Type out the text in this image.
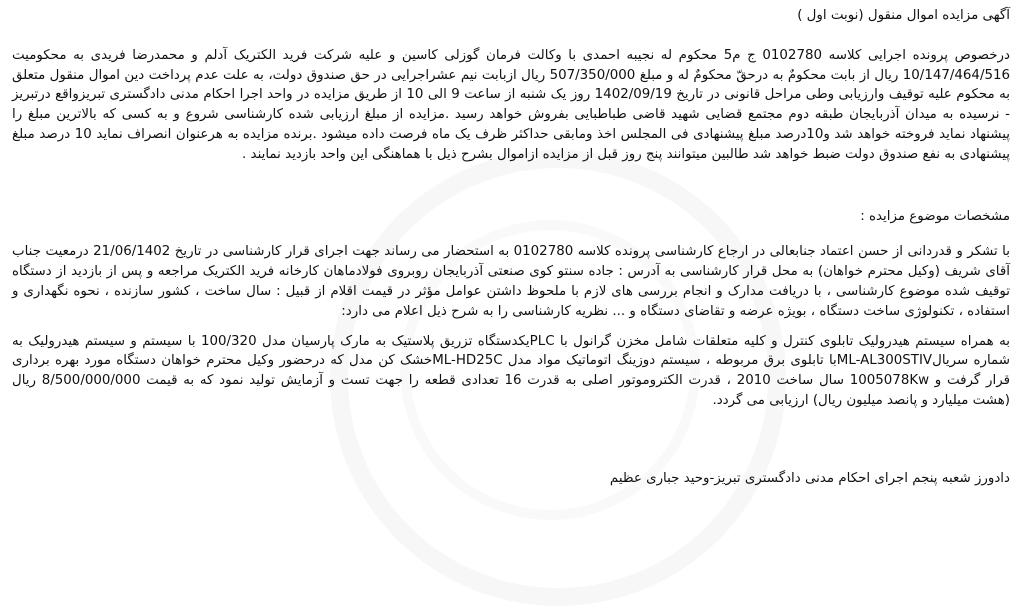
آگهی مزایده اموال منقول (نوبت اول )
درخصوص پرونده اجرایی کلاسه 0102780 ج م5 محکوم له نجیبه احمدی با وکالت فرمان گوزلی کاسین و علیه شرکت فرید الکتریک آدلم و محمدرضا فریدی به محکومیت 10/147/464/516 ریال از بابت محکومٌ به درحقّ محکومٌ له و مبلغ 507/350/000 ریال ازبابت نیم عشراجرایی در حق صندوق دولت، به علت عدم پرداخت دین اموال منقول متعلق به محکوم علیه توقیف وارزیابی وطی مراحل قانونی در تاریخ 1402/09/19 روز یک شنبه از ساعت 9 الی 10 از طریق مزایده در واحد اجرا احکام مدنی دادگستری تبریزواقع درتبریز - نرسیده به میدان آذربایجان طبقه دوم مجتمع قضایی شهید قاضی طباطبایی بفروش خواهد رسید .مزایده از مبلغ ارزیابی شده کارشناسی شروع و به کسی که بالاترین مبلغ را پیشنهاد نماید فروخته خواهد شد و10درصد مبلغ پیشنهادی فی المجلس اخذ ومابقی حداکثر ظرف یک ماه فرصت داده میشود .برنده مزایده به هرعنوان انصراف نماید 10 درصد مبلغ پیشنهادی به نفع صندوق دولت ضبط خواهد شد طالبین میتوانند پنج روز قبل از مزایده ازاموال بشرح ذیل با هماهنگی این واحد بازدید نمایند .
مشخصات موضوع مزایده :
با تشکر و قدردانی از حسن اعتماد جنابعالی در ارجاع کارشناسی پرونده کلاسه 0102780 به استحضار می رساند جهت اجرای قرار کارشناسی در تاریخ 21/06/1402 درمعیت جناب آقای شریف (وکیل محترم خواهان) به محل قرار کارشناسی به آدرس : جاده سنتو کوی صنعتی آذربایجان روبروی فولادماهان کارخانه فرید الکتریک مراجعه و پس از بازدید از دستگاه توقیف شده موضوع کارشناسی ، با دریافت مدارک و انجام بررسی های لازم با ملحوظ داشتن عوامل مؤثر در قیمت اقلام از قبیل : سال ساخت ، کشور سازنده ، نحوه نگهداری و استفاده ، تکنولوژی ساخت دستگاه ، بویژه عرضه و تقاضای دستگاه و ... نظریه کارشناسی را به شرح ذیل اعلام می دارد:
به همراه سیستم هیدرولیک تابلوی کنترل و کلیه متعلقات شامل مخزن گرانول با PLCیکدستگاه تزریق پلاستیک به مارک پارسیان مدل 100/320 با سیستم و سیستم هیدرولیک به شماره سریالML-AL300STIVبا تابلوی برق مربوطه ، سیستم دوزینگ اتوماتیک مواد مدل ML-HD25Cخشک کن مدل که درحضور وکیل محترم خواهان دستگاه مورد بهره برداری قرار گرفت و 1005078Kw سال ساخت 2010 ، قدرت الکتروموتور اصلی به قدرت 16 تعدادی قطعه را جهت تست و آزمایش تولید نمود که به قیمت 8/500/000/000 ریال (هشت میلیارد و پانصد میلیون ریال) ارزیابی می گردد.
دادورز شعبه پنجم اجرای احکام مدنی دادگستری تبریز-وحید جباری عظیم
